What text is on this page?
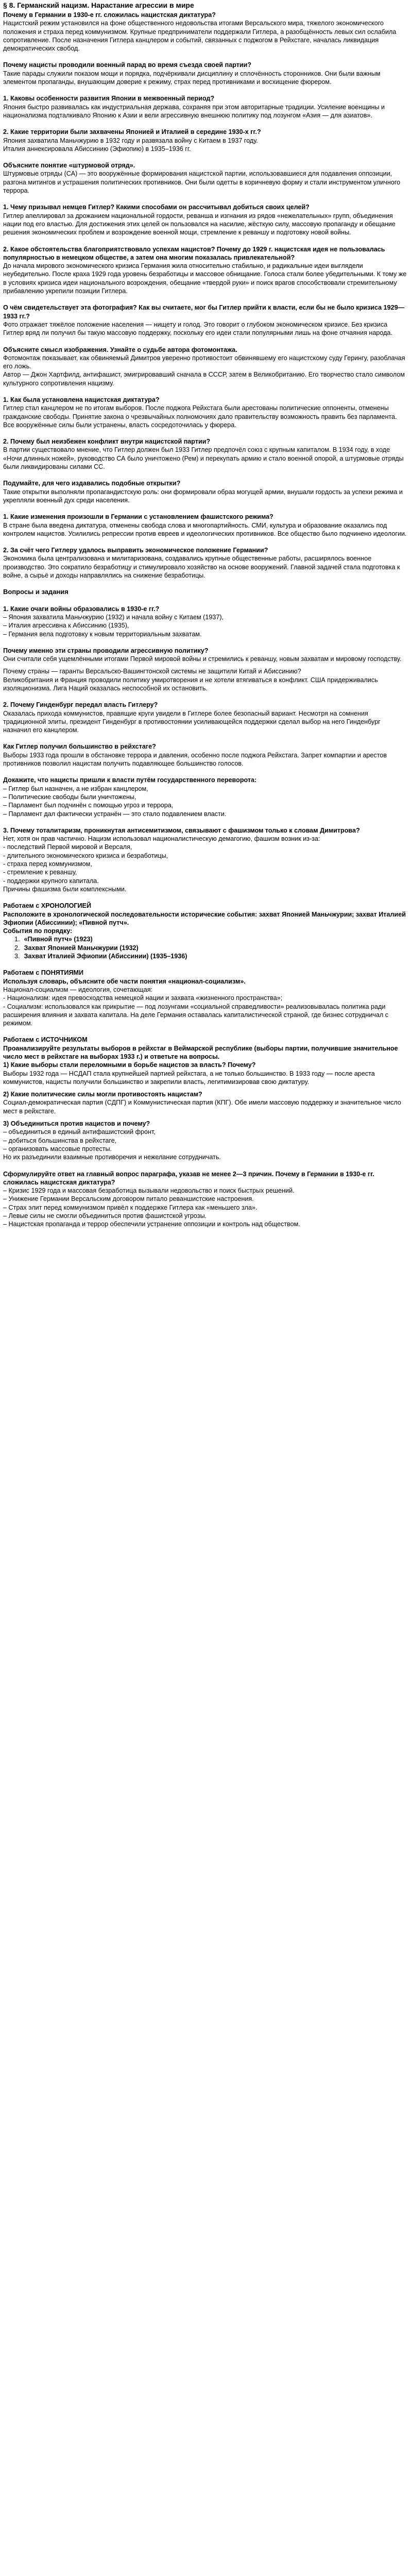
§ 8. Германский нацизм. Нарастание агрессии в мире
Почему в Германии в 1930-е гг. сложилась нацистская диктатура?
Нацистский режим установился на фоне общественного недовольства итогами Версальского мира, тяжелого экономического положения и страха перед коммунизмом. Крупные предприниматели поддержали Гитлера, а разобщённость левых сил ослабила сопротивление. После назначения Гитлера канцлером и событий, связанных с поджогом в Рейхстаге, началась ликвидация демократических свобод.
Почему нацисты проводили военный парад во время съезда своей партии?
Такие парады служили показом мощи и порядка, подчёркивали дисциплину и сплочённость сторонников. Они были важным элементом пропаганды, внушающим доверие к режиму, страх перед противниками и восхищение фюрером.
1. Каковы особенности развития Японии в межвоенный период?
Япония быстро развивалась как индустриальная держава, сохраняя при этом авторитарные традиции. Усиление военщины и национализма подталкивало Японию к Азии и вели агрессивную внешнюю политику под лозунгом «Азия — для азиатов».
2. Какие территории были захвачены Японией и Италией в середине 1930-х гг.?
Япония захватила Маньчжурию в 1932 году и развязала войну с Китаем в 1937 году.
Италия аннексировала Абиссинию (Эфиопию) в 1935–1936 гг.
Объясните понятие «штурмовой отряд».
Штурмовые отряды (СА) — это вооружённые формирования нацистской партии, использовавшиеся для подавления оппозиции, разгона митингов и устрашения политических противников. Они были одетты в коричневую форму и стали инструментом уличного террора.
1. Чему призывал немцев Гитлер? Какими способами он рассчитывал добиться своих целей?
Гитлер апеллировал за дрожанием национальной гордости, реванша и изгнания из рядов «нежелательных» групп, объединения нации под его властью. Для достижения этих целей он пользовался на насилие, жёсткую силу, массовую пропаганду и обещание решения экономических проблем и возрождение военной мощи, стремление к реваншу и подготовку новой войны.
2. Какое обстоятельства благоприятствовало успехам нацистов? Почему до 1929 г. нацистская идея не пользовалась популярностью в немецком обществе, а затем она многим показалась привлекательной?
До начала мирового экономического кризиса Германия жила относительно стабильно, и радикальные идеи выглядели неубедительно. После краха 1929 года уровень безработицы и массовое обнищание. Голоса стали более убедительными. К тому же в условиях кризиса идеи национального возрождения, обещание «твердой руки» и поиск врагов способствовали стремительному прибавлению укрепили позиции Гитлера.
О чём свидетельствует эта фотография? Как вы считаете, мог бы Гитлер прийти к власти, если бы не было кризиса 1929—1933 гг.?
Фото отражает тяжёлое положение населения — нищету и голод. Это говорит о глубоком экономическом кризисе. Без кризиса Гитлер вряд ли получил бы такую массовую поддержку, поскольку его идеи стали популярными лишь на фоне отчаяния народа.
Объясните смысл изображения. Узнайте о судьбе автора фотомонтажа.
Фотомонтаж показывает, как обвиняемый Димитров уверенно противостоит обвинявшему его нацистскому суду Герингу, разоблачая его ложь.
Автор — Джон Хартфилд, антифашист, эмигрировавший сначала в СССР, затем в Великобританию. Его творчество стало символом культурного сопротивления нацизму.
1. Как была установлена нацистская диктатура?
Гитлер стал канцлером не по итогам выборов. После поджога Рейхстага были арестованы политические оппоненты, отменены гражданские свободы. Принятие закона о чрезвычайных полномочиях дало правительству возможность править без парламента. Все вооружённые силы были устранены, власть сосредоточилась у фюрера.
2. Почему был неизбежен конфликт внутри нацистской партии?
В партии существовало мнение, что Гитлер должен был 1933 Гитлер предпочёл союз с крупным капиталом. В 1934 году, в ходе «Ночи длинных ножей», руководство СА было уничтожено (Рем) и перекупать армию и стало военной опорой, а штурмовые отряды были ликвидированы силами СС.
Подумайте, для чего издавались подобные открытки?
Такие открытки выполняли пропагандистскую роль: они формировали образ могущей армии, внушали гордость за успехи режима и укрепляли военный дух среди населения.
1. Какие изменения произошли в Германии с установлением фашистского режима?
В стране была введена диктатура, отменены свобода слова и многопартийность. СМИ, культура и образование оказались под контролем нацистов. Усилились репрессии против евреев и идеологических противников. Все общество было подчинено идеологии.
2. За счёт чего Гитлеру удалось выправить экономическое положение Германии?
Экономика была централизована и милитаризована, создавались крупные общественные работы, расширялось военное производство. Это сократило безработицу и стимулировало хозяйство на основе вооружений. Главной задачей стала подготовка к войне, а сырьё и доходы направлялись на снижение безработицы.
Вопросы и задания
1. Какие очаги войны образовались в 1930-е гг.?
– Япония захватила Маньчжурию (1932) и начала войну с Китаем (1937),
– Италия агрессивна к Абиссинию (1935),
– Германия вела подготовку к новым территориальным захватам.
Почему именно эти страны проводили агрессивную политику?
Они считали себя ущемлёнными итогами Первой мировой войны и стремились к реваншу, новым захватам и мировому господству.
Почему страны — гаранты Версальско-Вашингтонской системы не защитили Китай и Абиссинию?
Великобритания и Франция проводили политику умиротворения и не хотели втягиваться в конфликт. США придерживались изоляционизма. Лига Наций оказалась неспособной их остановить.
2. Почему Гинденбург передал власть Гитлеру?
Оказалась прихода коммунистов, правящие круги увидели в Гитлере более безопасный вариант. Несмотря на сомнения традиционной элиты, президент Гинденбург в противостоянии усиливающейся поддержки сделал выбор на него Гинденбург назначил его канцлером.
Как Гитлер получил большинство в рейхстаге?
Выборы 1933 года прошли в обстановке террора и давления, особенно после поджога Рейхстага. Запрет компартии и арестов противников позволил нацистам получить подавляющее большинство голосов.
Докажите, что нацисты пришли к власти путём государственного переворота:
– Гитлер был назначен, а не избран канцлером,
– Политические свободы были уничтожены,
– Парламент был подчинён с помощью угроз и террора,
– Парламент дал фактически устранён — это стало подавлением власти.
3. Почему тоталитаризм, проникнутая антисемитизмом, связывают с фашизмом только к словам Димитрова?
Нет, хотя он прав частично. Нацизм использовал националистическую демагогию, фашизм возник из-за:
- последствий Первой мировой и Версаля,
- длительного экономического кризиса и безработицы,
- страха перед коммунизмом,
- стремление к реваншу,
- поддержки крупного капитала.
Причины фашизма были комплексными.
Работаем с ХРОНОЛОГИЕЙ
Расположите в хронологической последовательности исторические события: захват Японией Маньчжурии; захват Италией Эфиопии (Абиссинии); «Пивной путч».
События по порядку:
1. «Пивной путч» (1923)
2. Захват Японией Маньчжурии (1932)
3. Захват Италией Эфиопии (Абиссинии) (1935–1936)
Работаем с ПОНЯТИЯМИ
Используя словарь, объясните обе части понятия «национал-социализм».
Национал-социализм — идеология, сочетающая:
- Национализм: идея превосходства немецкой нации и захвата «жизненного пространства»;
- Социализм: использовался как прикрытие — под лозунгами «социальной справедливости» реализовывалась политика ради расширения влияния и захвата капитала. На деле Германия оставалась капиталистической страной, где бизнес сотрудничал с режимом.
Работаем с ИСТОЧНИКОМ
Проанализируйте результаты выборов в рейхстаг в Веймарской республике (выборы партии, получившие значительное число мест в рейхстаге на выборах 1933 г.) и ответьте на вопросы.
1) Какие выборы стали переломными в борьбе нацистов за власть? Почему?
Выборы 1932 года — НСДАП стала крупнейшей партией рейхстага, а не только большинство. В 1933 году — после ареста коммунистов, нацисты получили большинство и закрепили власть, легитимизировав свою диктатуру.
2) Какие политические силы могли противостоять нацистам?
Социал-демократическая партия (СДПГ) и Коммунистическая партия (КПГ). Обе имели массовую поддержку и значительное число мест в рейхстаге.
3) Объединиться против нацистов и почему?
– объединиться в единый антифашистский фронт,
– добиться большинства в рейхстаге,
– организовать массовые протесты.
Но их разъединили взаимные противоречия и нежелание сотрудничать.
Сформулируйте ответ на главный вопрос параграфа, указав не менее 2—3 причин. Почему в Германии в 1930-е гг. сложилась нацистская диктатура?
– Кризис 1929 года и массовая безработица вызывали недовольство и поиск быстрых решений.
– Унижение Германии Версальским договором питало реваншистские настроения.
– Страх элит перед коммунизмом привёл к поддержке Гитлера как «меньшего зла».
– Левые силы не смогли объединиться против фашистской угрозы.
– Нацистская пропаганда и террор обеспечили устранение оппозиции и контроль над обществом.
